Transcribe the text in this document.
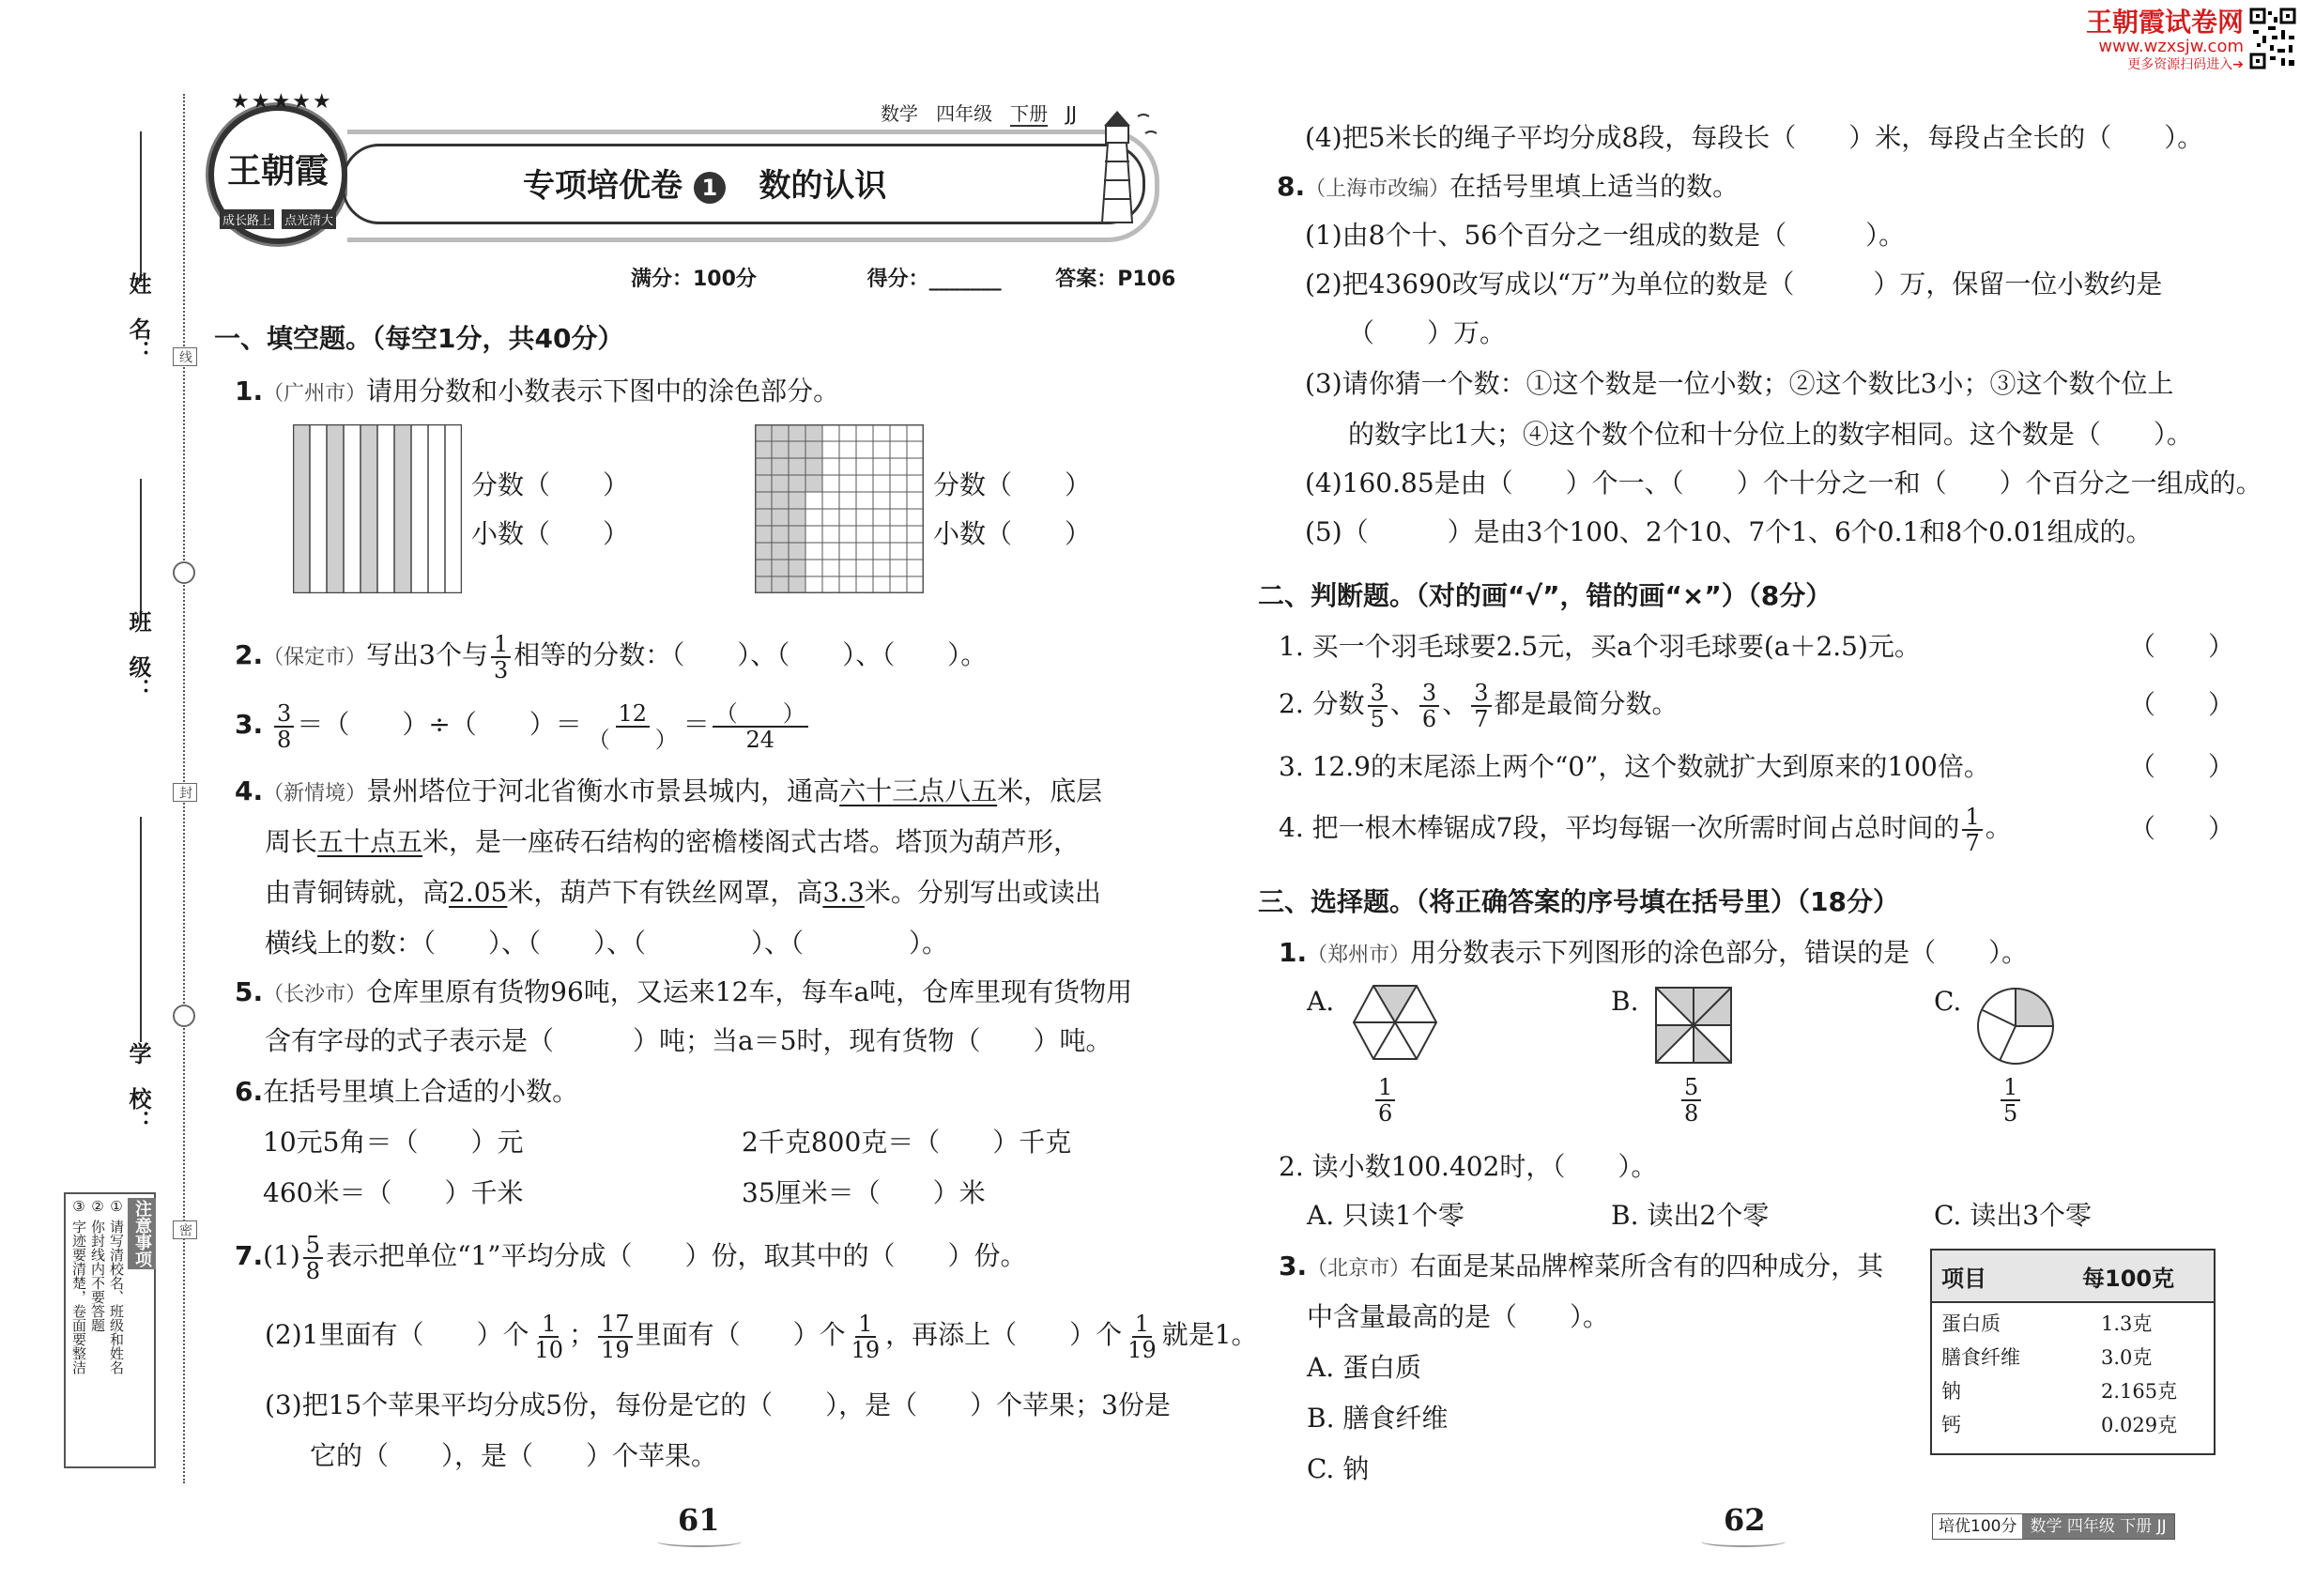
王朝霞试卷网
www.wzxsjw.com
更多资源扫码进入➔
姓　名：
班　级：
学　校：
注意事项
① 请写清校名、班级和姓名
② 你封线内不要答题
③ 字迹要清楚，卷面要整洁
线
封
密
王朝霞
成长路上 点光清大
★★★★★	数学 四年级 下册 JJ
专项培优卷 1 数的认识
满分：100分	得分：_______	答案：P106
一、填空题。（每空1分，共40分）
1.（广州市）请用分数和小数表示下图中的涂色部分。
分数（　　）
小数（　　）
分数（　　）
小数（　　）
2.（保定市）写出3个与 $\frac{1}{3}$ 相等的分数：（　　）、（　　）、（　　）。
3. $\frac{3}{8}$ ＝（　　）÷（　　）＝ $\frac{12}{( )} = \frac{( )}{24}$
4.（新情境）景州塔位于河北省衡水市景县城内，通高六十三点八五米，底层
周长五十点五米，是一座砖石结构的密檐楼阁式古塔。塔顶为葫芦形，
由青铜铸就，高2.05米，葫芦下有铁丝网罩，高3.3米。分别写出或读出
横线上的数：（　　）、（　　）、（　　　　）、（　　　　）。
5.（长沙市）仓库里原有货物96吨，又运来12车，每车a吨，仓库里现有货物用
含有字母的式子表示是（　　　）吨；当a＝5时，现有货物（　　）吨。
6.在括号里填上合适的小数。
10元5角＝（　　）元	2千克800克＝（　　）千克
460米＝（　　）千米	35厘米＝（　　）米
$7.(1) \frac{5}{8}$ 表示把单位“1”平均分成（　　）份，取其中的（　　）份。
(2)1里面有（　　）个 $\frac{1}{10}$ ； $\frac{17}{19}$ 里面有（　　）个 $\frac{1}{19}$ ，再添上（　　）个 $\frac{1}{19}$ 就是1。
(3)把15个苹果平均分成5份，每份是它的（　　），是（　　）个苹果；3份是
它的（　　），是（　　）个苹果。
(4)把5米长的绳子平均分成8段，每段长（　　）米，每段占全长的（　　）。
8.（上海市改编）在括号里填上适当的数。
(1)由8个十、56个百分之一组成的数是（　　　）。
(2)把43690改写成以“万”为单位的数是（　　　）万，保留一位小数约是
（　　）万。
(3)请你猜一个数：①这个数是一位小数；②这个数比3小；③这个数个位上
的数字比1大；④这个数个位和十分位上的数字相同。这个数是（　　）。
(4)160.85是由（　　）个一、（　　）个十分之一和（　　）个百分之一组成的。
(5)（　　　）是由3个100、2个10、7个1、6个0.1和8个0.01组成的。
二、判断题。（对的画“√”，错的画“×”）（8分）
1. 买一个羽毛球要2.5元，买a个羽毛球要(a＋2.5)元。	（　　）
2. 分数 $\frac{3}{5}$ 、 $\frac{3}{6}$ 、 $\frac{3}{7}$ 都是最简分数。	（　　）
3. 12.9的末尾添上两个“0”，这个数就扩大到原来的100倍。	（　　）
4. 把一根木棒锯成7段，平均每锯一次所需时间占总时间的 $\frac{1}{7}$ 。	（　　）
三、选择题。（将正确答案的序号填在括号里）（18分）
1.（郑州市）用分数表示下列图形的涂色部分，错误的是（　　）。
A.
$\frac{1}{6}$
B.
$\frac{5}{8}$
C.
$\frac{1}{5}$
2. 读小数100.402时，（　　）。
A. 只读1个零	B. 读出2个零	C. 读出3个零
3.（北京市）右面是某品牌榨菜所含有的四种成分，其
中含量最高的是（　　）。
A. 蛋白质
B. 膳食纤维
C. 钠
项目	每100克
蛋白质	1.3克
膳食纤维	3.0克
钠	2.165克
钙	0.029克
61	62	培优100分 数学 四年级 下册 JJ
